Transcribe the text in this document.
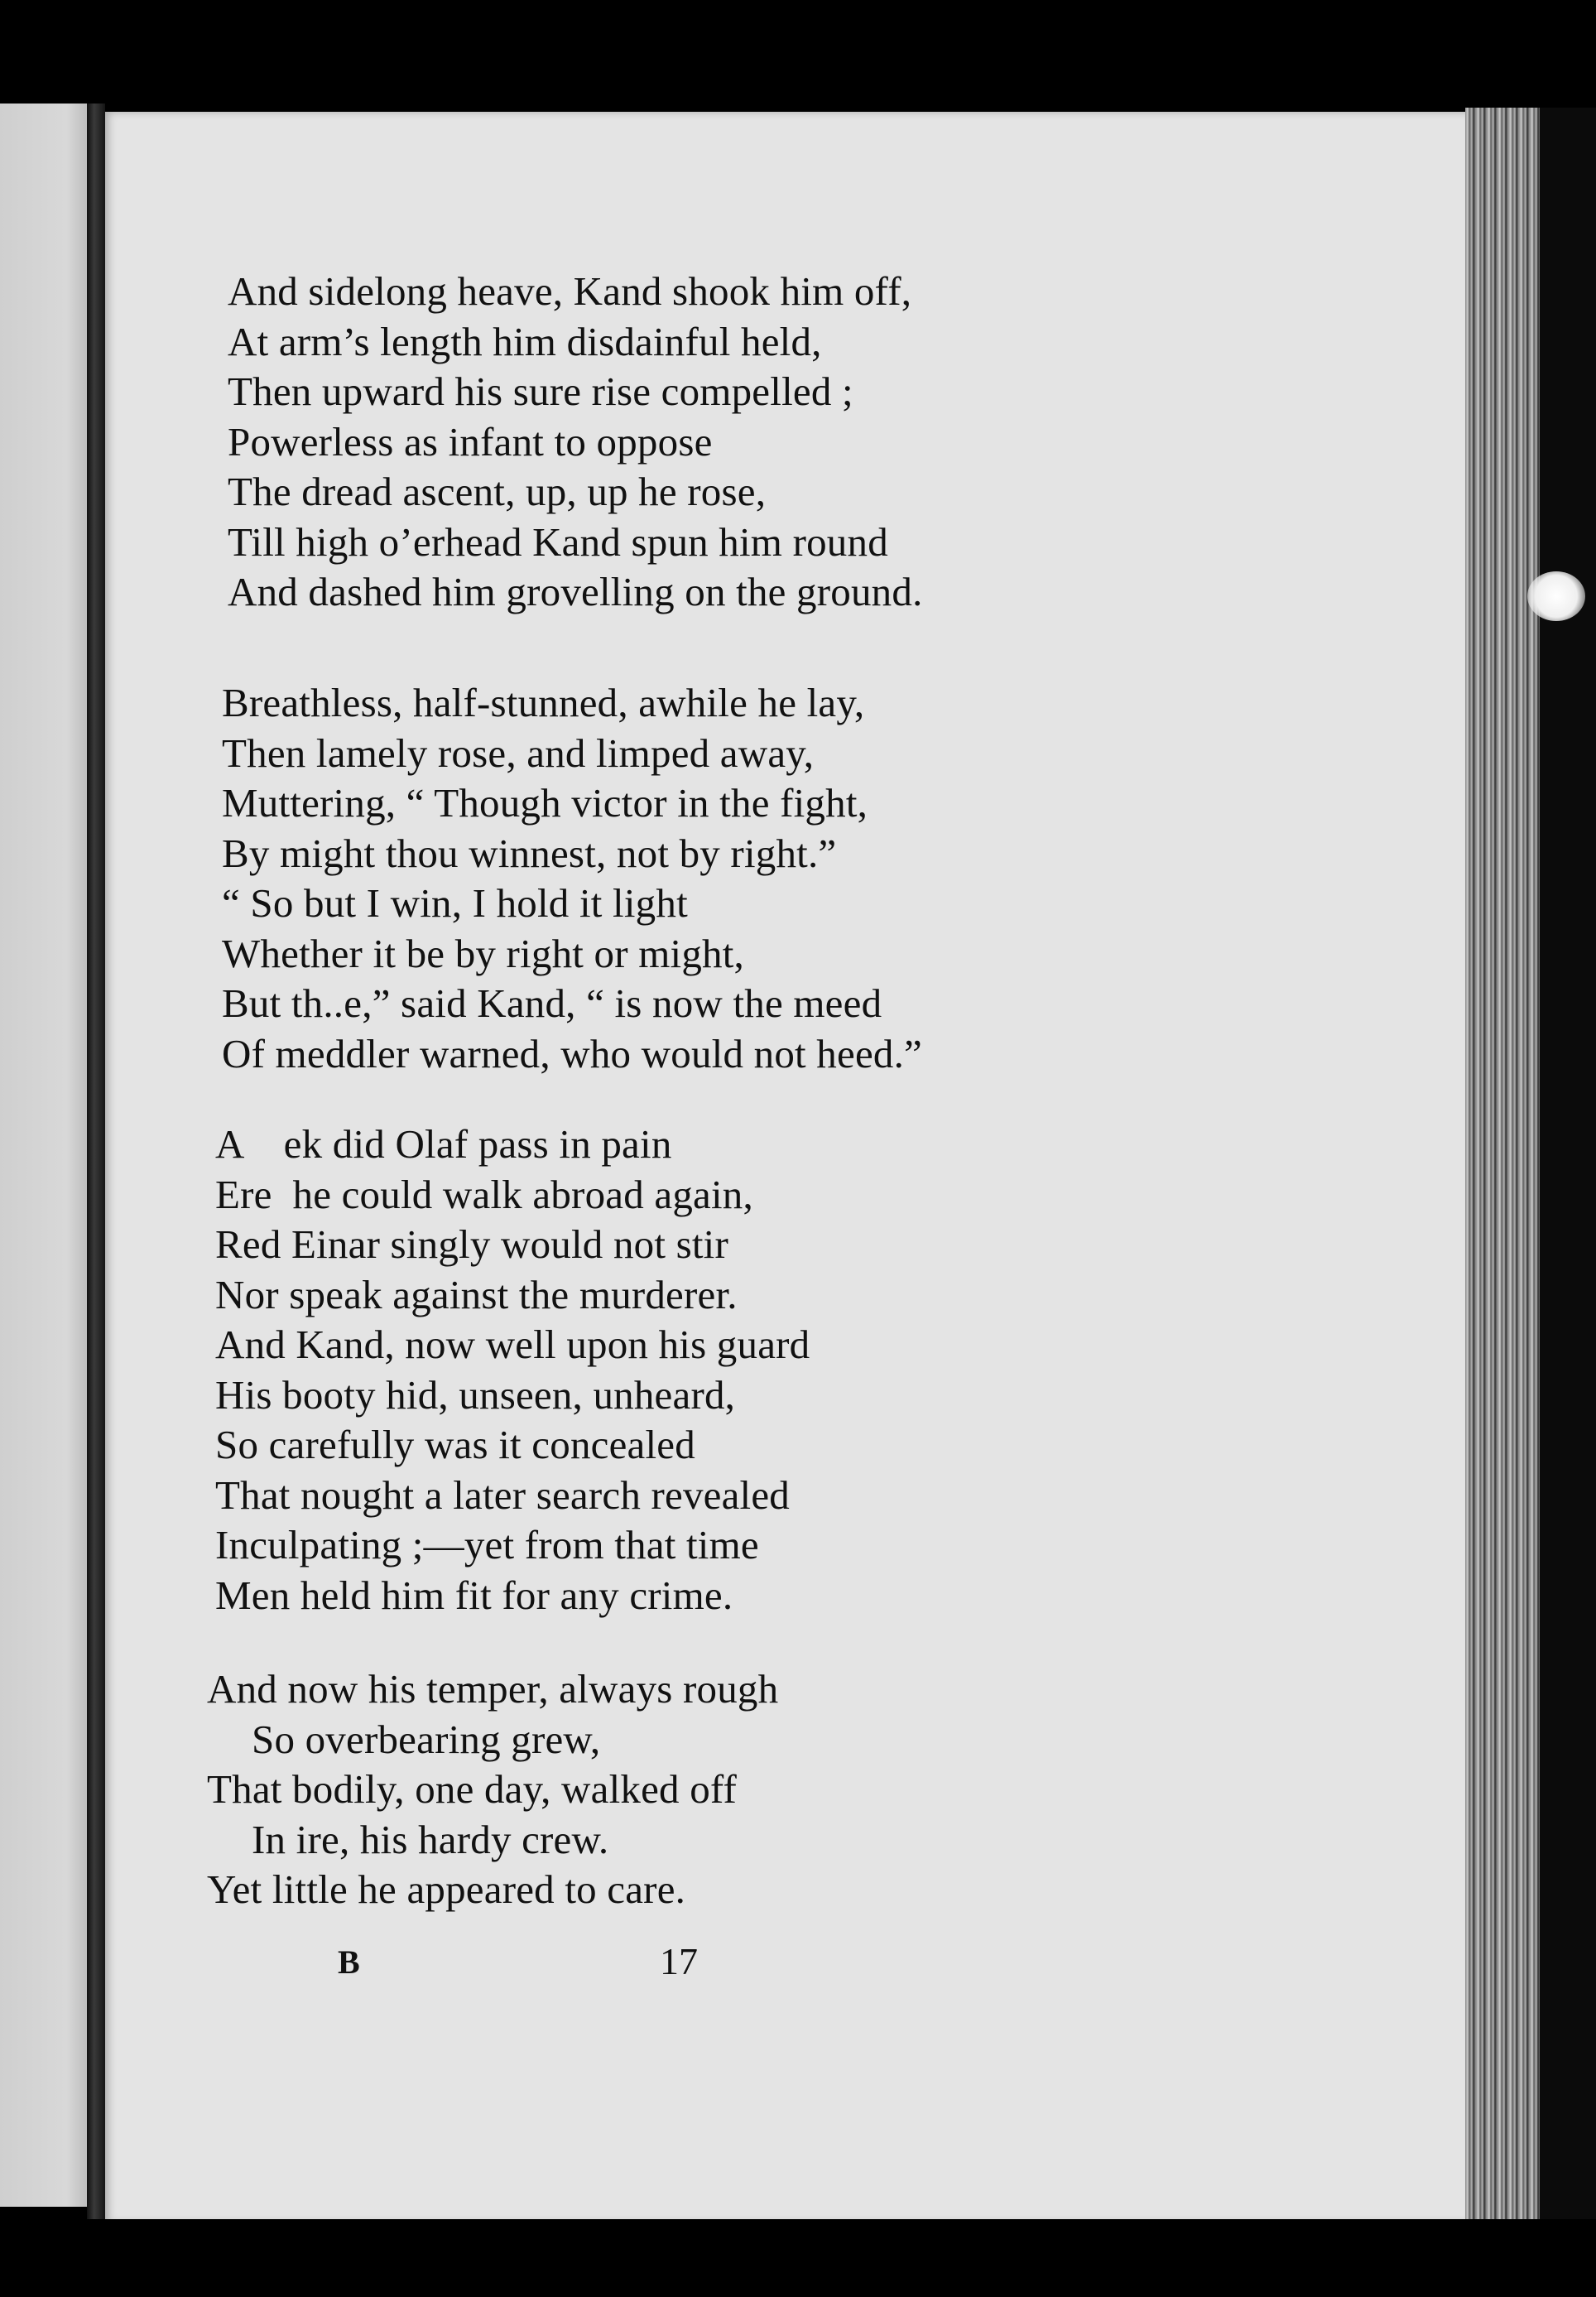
And sidelong heave, Kand shook him off,
At arm’s length him disdainful held,
Then upward his sure rise compelled ;
Powerless as infant to oppose
The dread ascent, up, up he rose,
Till high o’erhead Kand spun him round
And dashed him grovelling on the ground.
Breathless, half-stunned, awhile he lay,
Then lamely rose, and limped away,
Muttering, “ Though victor in the fight,
By might thou winnest, not by right.”
“ So but I win, I hold it light
Whether it be by right or might,
But th..e,” said Kand, “ is now the meed
Of meddler warned, who would not heed.”
A    ek did Olaf pass in pain
Ere  he could walk abroad again,
Red Einar singly would not stir
Nor speak against the murderer.
And Kand, now well upon his guard
His booty hid, unseen, unheard,
So carefully was it concealed
That nought a later search revealed
Inculpating ;—yet from that time
Men held him fit for any crime.
And now his temper, always rough
So overbearing grew,
That bodily, one day, walked off
In ire, his hardy crew.
Yet little he appeared to care.
B	17
